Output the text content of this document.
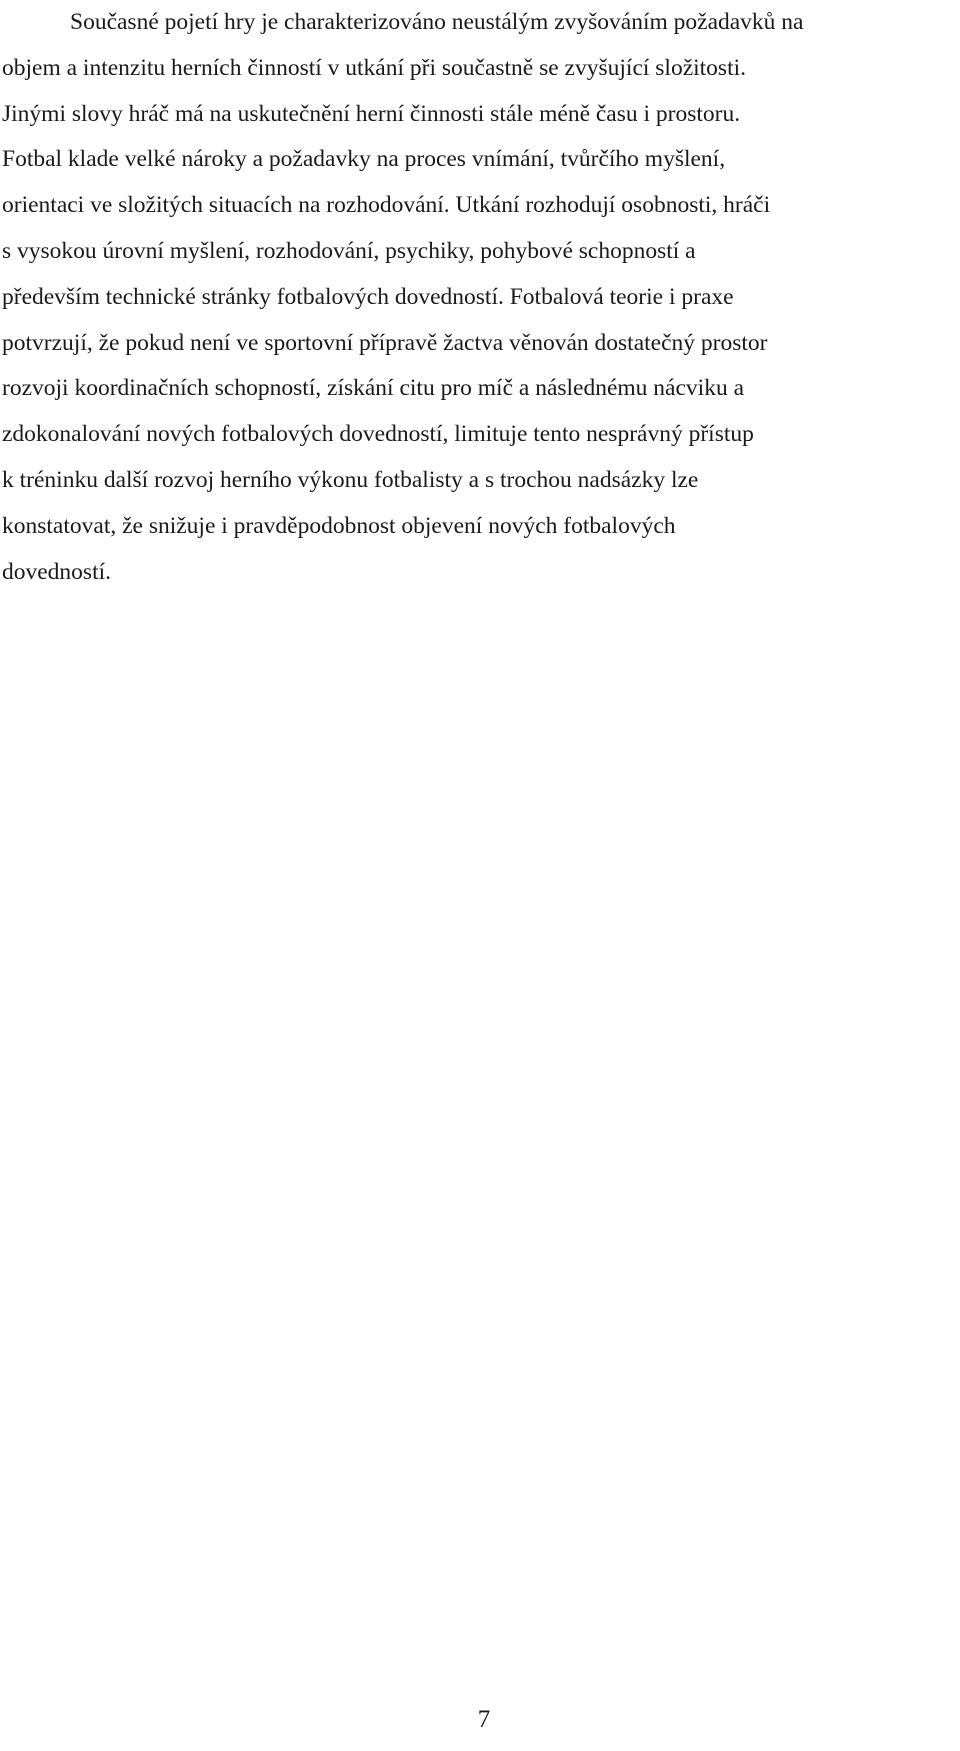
Současné pojetí hry je charakterizováno neustálým zvyšováním požadavků na
objem a intenzitu herních činností v utkání při součastně se zvyšující složitosti.
Jinými slovy hráč má na uskutečnění herní činnosti stále méně času i prostoru.
Fotbal klade velké nároky a požadavky na proces vnímání, tvůrčího myšlení,
orientaci ve složitých situacích na rozhodování. Utkání rozhodují osobnosti, hráči
s vysokou úrovní myšlení, rozhodování, psychiky, pohybové schopností a
především technické stránky fotbalových dovedností. Fotbalová teorie i praxe
potvrzují, že pokud není ve sportovní přípravě žactva věnován dostatečný prostor
rozvoji koordinačních schopností, získání citu pro míč a následnému nácviku a
zdokonalování nových fotbalových dovedností, limituje tento nesprávný přístup
k tréninku další rozvoj herního výkonu fotbalisty a s trochou nadsázky lze
konstatovat, že snižuje i pravděpodobnost objevení nových fotbalových
dovedností.

7
